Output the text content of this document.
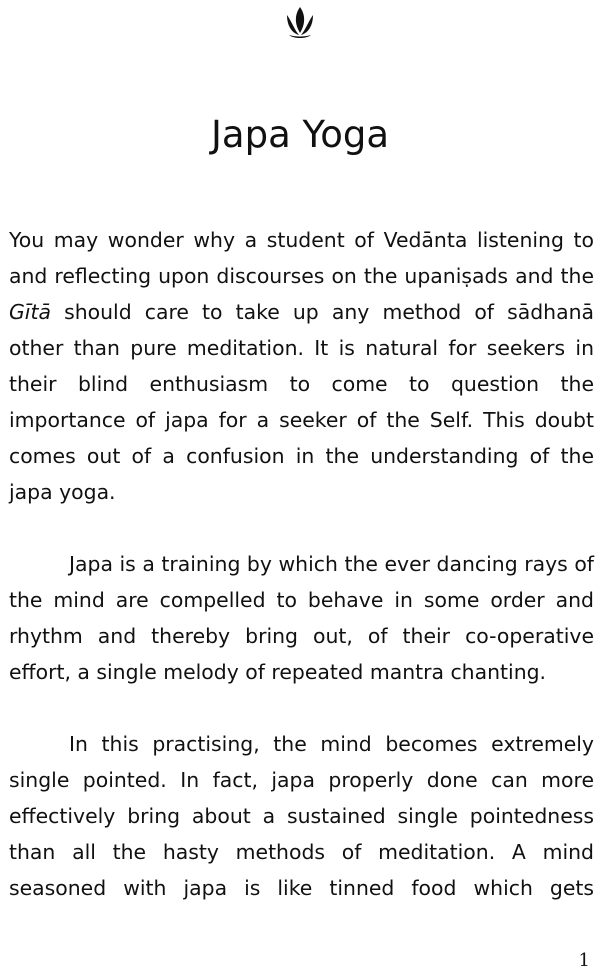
Japa Yoga

You may wonder why a student of Vedānta listening to and reflecting upon discourses on the upaniṣads and the Gītā should care to take up any method of sādhanā other than pure meditation. It is natural for seekers in their blind enthusiasm to come to question the importance of japa for a seeker of the Self. This doubt comes out of a confusion in the understanding of the japa yoga.

Japa is a training by which the ever dancing rays of the mind are compelled to behave in some order and rhythm and thereby bring out, of their co-operative effort, a single melody of repeated mantra chanting.

In this practising, the mind becomes extremely single pointed. In fact, japa properly done can more effectively bring about a sustained single pointedness than all the hasty methods of meditation. A mind seasoned with japa is like tinned food which gets

1
